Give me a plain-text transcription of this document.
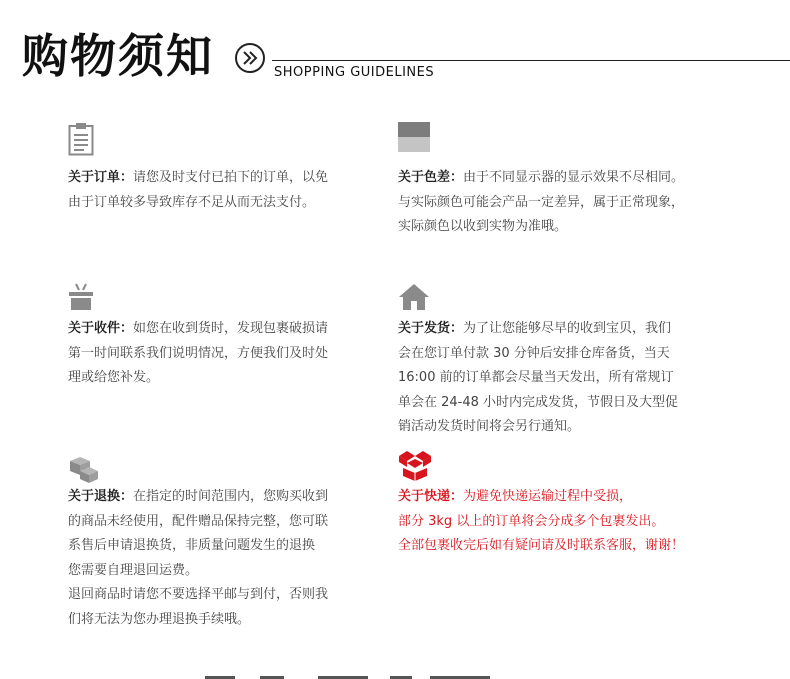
购物须知	SHOPPING GUIDELINES
关于订单：请您及时支付已拍下的订单，以免
由于订单较多导致库存不足从而无法支付。
关于色差：由于不同显示器的显示效果不尽相同。
与实际颜色可能会产品一定差异，属于正常现象，
实际颜色以收到实物为准哦。
关于收件：如您在收到货时，发现包裹破损请
第一时间联系我们说明情况，方便我们及时处
理或给您补发。
关于发货：为了让您能够尽早的收到宝贝，我们
会在您订单付款 30 分钟后安排仓库备货，当天
16:00 前的订单都会尽量当天发出，所有常规订
单会在 24-48 小时内完成发货，节假日及大型促
销活动发货时间将会另行通知。
关于退换：在指定的时间范围内，您购买收到
的商品未经使用，配件赠品保持完整，您可联
系售后申请退换货，非质量问题发生的退换
您需要自理退回运费。
退回商品时请您不要选择平邮与到付，否则我
们将无法为您办理退换手续哦。
关于快递：为避免快递运输过程中受损，
部分 3kg 以上的订单将会分成多个包裹发出。
全部包裹收完后如有疑问请及时联系客服，谢谢！
